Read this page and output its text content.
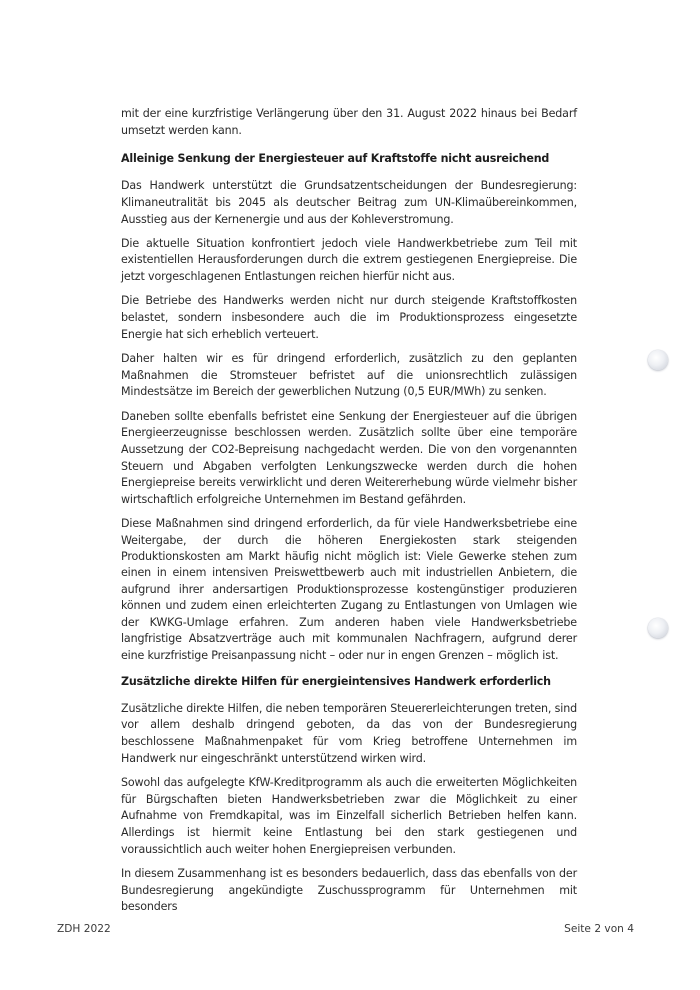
mit der eine kurzfristige Verlängerung über den 31. August 2022 hinaus bei Bedarf umsetzt werden kann.

Alleinige Senkung der Energiesteuer auf Kraftstoffe nicht ausreichend

Das Handwerk unterstützt die Grundsatzentscheidungen der Bundesregierung: Klimaneutralität bis 2045 als deutscher Beitrag zum UN-Klimaübereinkommen, Ausstieg aus der Kernenergie und aus der Kohleverstromung.

Die aktuelle Situation konfrontiert jedoch viele Handwerkbetriebe zum Teil mit existentiellen Herausforderungen durch die extrem gestiegenen Energiepreise. Die jetzt vorgeschlagenen Entlastungen reichen hierfür nicht aus.

Die Betriebe des Handwerks werden nicht nur durch steigende Kraftstoffkosten belastet, sondern insbesondere auch die im Produktionsprozess eingesetzte Energie hat sich erheblich verteuert.

Daher halten wir es für dringend erforderlich, zusätzlich zu den geplanten Maßnahmen die Stromsteuer befristet auf die unionsrechtlich zulässigen Mindestsätze im Bereich der gewerblichen Nutzung (0,5 EUR/MWh) zu senken.

Daneben sollte ebenfalls befristet eine Senkung der Energiesteuer auf die übrigen Energieerzeugnisse beschlossen werden. Zusätzlich sollte über eine temporäre Aussetzung der CO2-Bepreisung nachgedacht werden. Die von den vorgenannten Steuern und Abgaben verfolgten Lenkungszwecke werden durch die hohen Energiepreise bereits verwirklicht und deren Weitererhebung würde vielmehr bisher wirtschaftlich erfolgreiche Unternehmen im Bestand gefährden.

Diese Maßnahmen sind dringend erforderlich, da für viele Handwerksbetriebe eine Weitergabe, der durch die höheren Energiekosten stark steigenden Produktionskosten am Markt häufig nicht möglich ist: Viele Gewerke stehen zum einen in einem intensiven Preiswettbewerb auch mit industriellen Anbietern, die aufgrund ihrer andersartigen Produktionsprozesse kostengünstiger produzieren können und zudem einen erleichterten Zugang zu Entlastungen von Umlagen wie der KWKG-Umlage erfahren. Zum anderen haben viele Handwerksbetriebe langfristige Absatzverträge auch mit kommunalen Nachfragern, aufgrund derer eine kurzfristige Preisanpassung nicht – oder nur in engen Grenzen – möglich ist.

Zusätzliche direkte Hilfen für energieintensives Handwerk erforderlich

Zusätzliche direkte Hilfen, die neben temporären Steuererleichterungen treten, sind vor allem deshalb dringend geboten, da das von der Bundesregierung beschlossene Maßnahmenpaket für vom Krieg betroffene Unternehmen im Handwerk nur eingeschränkt unterstützend wirken wird.

Sowohl das aufgelegte KfW-Kreditprogramm als auch die erweiterten Möglichkeiten für Bürgschaften bieten Handwerksbetrieben zwar die Möglichkeit zu einer Aufnahme von Fremdkapital, was im Einzelfall sicherlich Betrieben helfen kann. Allerdings ist hiermit keine Entlastung bei den stark gestiegenen und voraussichtlich auch weiter hohen Energiepreisen verbunden.

In diesem Zusammenhang ist es besonders bedauerlich, dass das ebenfalls von der Bundesregierung angekündigte Zuschussprogramm für Unternehmen mit besonders

ZDH 2022	Seite 2 von 4
